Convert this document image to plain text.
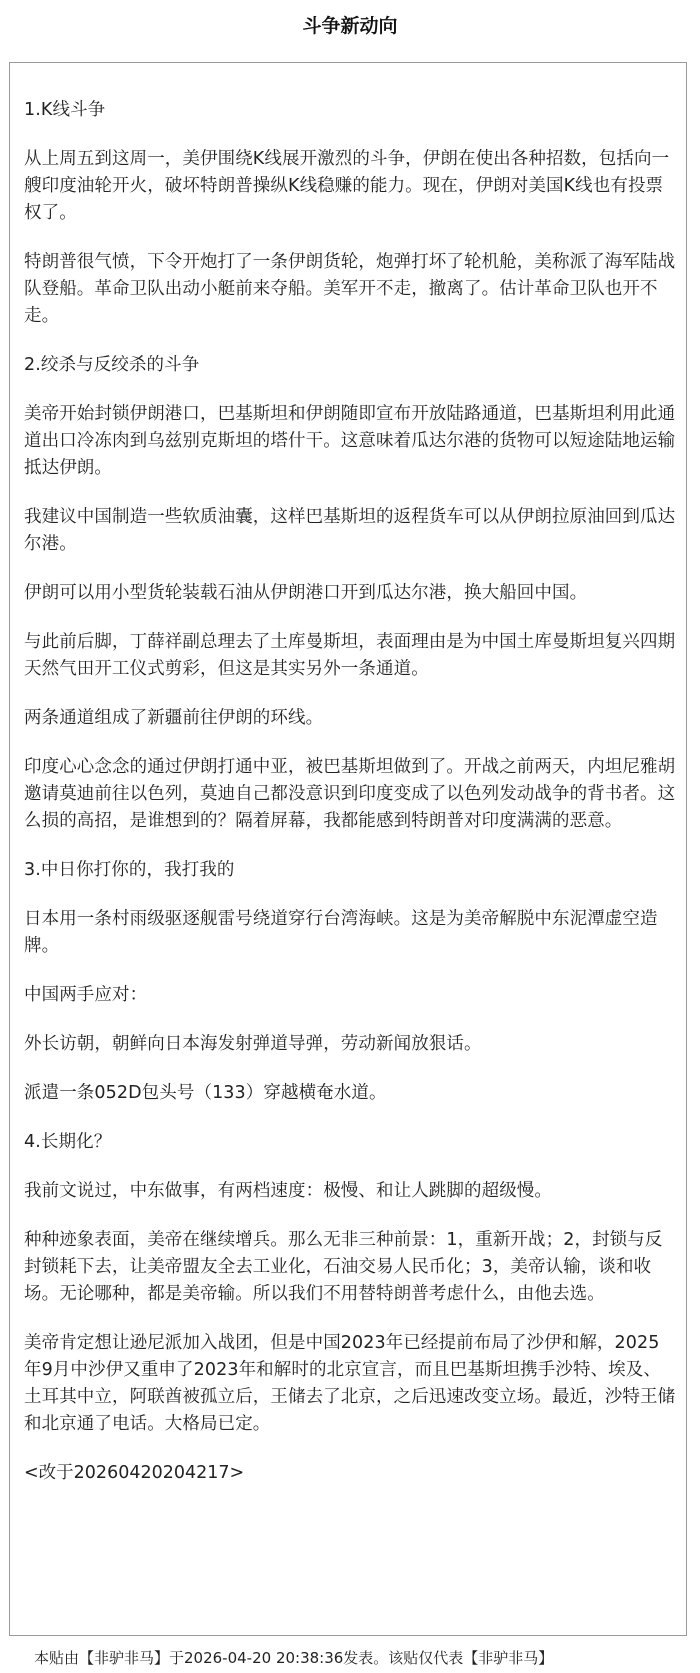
斗争新动向

1.K线斗争

从上周五到这周一，美伊围绕K线展开激烈的斗争，伊朗在使出各种招数，包括向一艘印度油轮开火，破坏特朗普操纵K线稳赚的能力。现在，伊朗对美国K线也有投票权了。

特朗普很气愤，下令开炮打了一条伊朗货轮，炮弹打坏了轮机舱，美称派了海军陆战队登船。革命卫队出动小艇前来夺船。美军开不走，撤离了。估计革命卫队也开不走。

2.绞杀与反绞杀的斗争

美帝开始封锁伊朗港口，巴基斯坦和伊朗随即宣布开放陆路通道，巴基斯坦利用此通道出口冷冻肉到乌兹别克斯坦的塔什干。这意味着瓜达尔港的货物可以短途陆地运输抵达伊朗。

我建议中国制造一些软质油囊，这样巴基斯坦的返程货车可以从伊朗拉原油回到瓜达尔港。

伊朗可以用小型货轮装载石油从伊朗港口开到瓜达尔港，换大船回中国。

与此前后脚，丁薛祥副总理去了土库曼斯坦，表面理由是为中国土库曼斯坦复兴四期天然气田开工仪式剪彩，但这是其实另外一条通道。

两条通道组成了新疆前往伊朗的环线。

印度心心念念的通过伊朗打通中亚，被巴基斯坦做到了。开战之前两天，内坦尼雅胡邀请莫迪前往以色列，莫迪自己都没意识到印度变成了以色列发动战争的背书者。这么损的高招，是谁想到的？隔着屏幕，我都能感到特朗普对印度满满的恶意。

3.中日你打你的，我打我的

日本用一条村雨级驱逐舰雷号绕道穿行台湾海峡。这是为美帝解脱中东泥潭虚空造牌。

中国两手应对：

外长访朝，朝鲜向日本海发射弹道导弹，劳动新闻放狠话。

派遣一条052D包头号（133）穿越横奄水道。

4.长期化？

我前文说过，中东做事，有两档速度：极慢、和让人跳脚的超级慢。

种种迹象表面，美帝在继续增兵。那么无非三种前景：1，重新开战；2，封锁与反封锁耗下去，让美帝盟友全去工业化，石油交易人民币化；3，美帝认输，谈和收场。无论哪种，都是美帝输。所以我们不用替特朗普考虑什么，由他去选。

美帝肯定想让逊尼派加入战团，但是中国2023年已经提前布局了沙伊和解，2025年9月中沙伊又重申了2023年和解时的北京宣言，而且巴基斯坦携手沙特、埃及、土耳其中立，阿联酋被孤立后，王储去了北京，之后迅速改变立场。最近，沙特王储和北京通了电话。大格局已定。

<改于20260420204217>

本贴由【非驴非马】于2026-04-20 20:38:36发表。该贴仅代表【非驴非马】
